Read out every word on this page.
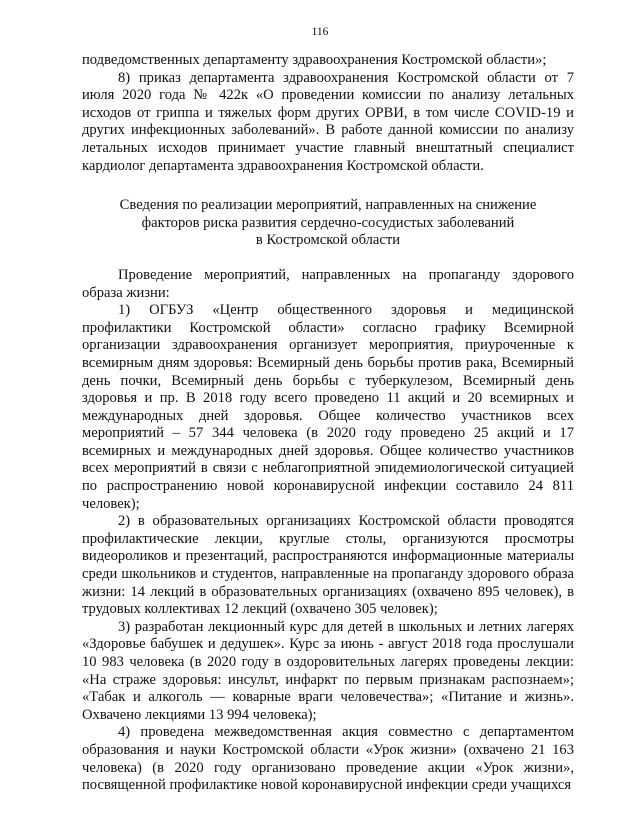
116

подведомственных департаменту здравоохранения Костромской области»;

8) приказ департамента здравоохранения Костромской области от 7 июля 2020 года № 422к «О проведении комиссии по анализу летальных исходов от гриппа и тяжелых форм других ОРВИ, в том числе COVID-19 и других инфекционных заболеваний». В работе данной комиссии по анализу летальных исходов принимает участие главный внештатный специалист кардиолог департамента здравоохранения Костромской области.

Сведения по реализации мероприятий, направленных на снижение
факторов риска развития сердечно-сосудистых заболеваний
в Костромской области

Проведение мероприятий, направленных на пропаганду здорового образа жизни:

1) ОГБУЗ «Центр общественного здоровья и медицинской профилактики Костромской области» согласно графику Всемирной организации здравоохранения организует мероприятия, приуроченные к всемирным дням здоровья: Всемирный день борьбы против рака, Всемирный день почки, Всемирный день борьбы с туберкулезом, Всемирный день здоровья и пр. В 2018 году всего проведено 11 акций и 20 всемирных и международных дней здоровья. Общее количество участников всех мероприятий – 57 344 человека (в 2020 году проведено 25 акций и 17 всемирных и международных дней здоровья. Общее количество участников всех мероприятий в связи с неблагоприятной эпидемиологической ситуацией по распространению новой коронавирусной инфекции составило 24 811 человек);

2) в образовательных организациях Костромской области проводятся профилактические лекции, круглые столы, организуются просмотры видеороликов и презентаций, распространяются информационные материалы среди школьников и студентов, направленные на пропаганду здорового образа жизни: 14 лекций в образовательных организациях (охвачено 895 человек), в трудовых коллективах 12 лекций (охвачено 305 человек);

3) разработан лекционный курс для детей в школьных и летних лагерях «Здоровье бабушек и дедушек». Курс за июнь - август 2018 года прослушали 10 983 человека (в 2020 году в оздоровительных лагерях проведены лекции: «На страже здоровья: инсульт, инфаркт по первым признакам распознаем»; «Табак и алкоголь — коварные враги человечества»; «Питание и жизнь». Охвачено лекциями 13 994 человека);

4) проведена межведомственная акция совместно с департаментом образования и науки Костромской области «Урок жизни» (охвачено 21 163 человека) (в 2020 году организовано проведение акции «Урок жизни», посвященной профилактике новой коронавирусной инфекции среди учащихся
